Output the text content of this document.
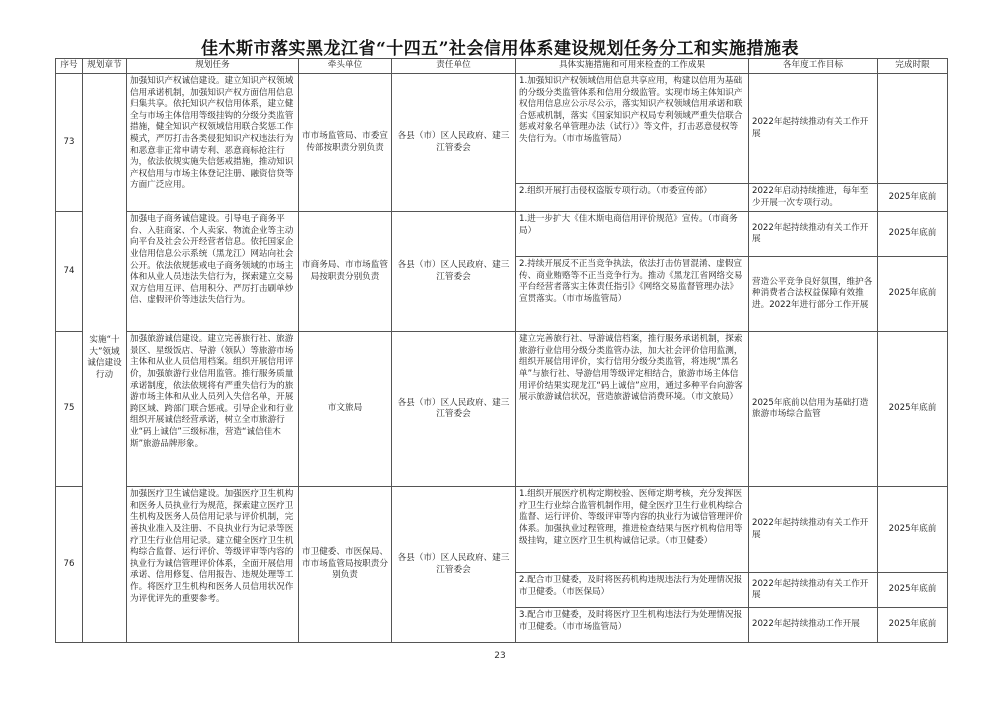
佳木斯市落实黑龙江省“十四五”社会信用体系建设规划任务分工和实施措施表
序号	规划章节	规划任务	牵头单位	责任单位	具体实施措施和可用来检查的工作成果	各年度工作目标	完成时限
73	实施“十大”领域诚信建设行动	加强知识产权诚信建设。建立知识产权领域信用承诺机制，加强知识产权方面信用信息归集共享。依托知识产权信用体系，建立健全与市场主体信用等级挂钩的分级分类监管措施，健全知识产权领域信用联合奖惩工作模式，严厉打击各类侵犯知识产权违法行为和恶意非正常申请专利、恶意商标抢注行为，依法依规实施失信惩戒措施，推动知识产权信用与市场主体登记注册、融资信贷等方面广泛应用。	市市场监管局、市委宣传部按职责分别负责	各县（市）区人民政府、建三江管委会	1.加强知识产权领域信用信息共享应用，构建以信用为基础的分级分类监管体系和信用分级监管。实现市场主体知识产权信用信息应公示尽公示，落实知识产权领域信用承诺和联合惩戒机制，落实《国家知识产权局专利领域严重失信联合惩戒对象名单管理办法（试行）》等文件，打击恶意侵权等失信行为。（市市场监管局）	2022年起持续推动有关工作开展	
					2.组织开展打击侵权盗版专项行动。（市委宣传部）	2022年启动持续推进，每年至少开展一次专项行动。	2025年底前
74		加强电子商务诚信建设。引导电子商务平台、入驻商家、个人卖家、物流企业等主动向平台及社会公开经营者信息。依托国家企业信用信息公示系统（黑龙江）网站向社会公开。依法依规惩戒电子商务领域的市场主体和从业人员违法失信行为，探索建立交易双方信用互评、信用积分、严厉打击刷单炒信、虚假评价等违法失信行为。	市商务局、市市场监管局按职责分别负责	各县（市）区人民政府、建三江管委会	1.进一步扩大《佳木斯电商信用评价规范》宣传。（市商务局）	2022年起持续推动有关工作开展	2025年底前
					2.持续开展反不正当竞争执法，依法打击仿冒混淆、虚假宣传、商业贿赂等不正当竞争行为。推动《黑龙江省网络交易平台经营者落实主体责任指引》《网络交易监督管理办法》宣贯落实。（市市场监管局）	营造公平竞争良好氛围，维护各种消费者合法权益保障有效推进。2022年进行部分工作开展	2025年底前
75		加强旅游诚信建设。建立完善旅行社、旅游景区、星级饭店、导游（领队）等旅游市场主体和从业人员信用档案。组织开展信用评价，加强旅游行业信用监管。推行服务质量承诺制度，依法依规将有严重失信行为的旅游市场主体和从业人员列入失信名单，开展跨区域、跨部门联合惩戒。引导企业和行业组织开展诚信经营承诺，树立全市旅游行业“码上诚信”三级标准，营造“诚信佳木斯”旅游品牌形象。	市文旅局	各县（市）区人民政府、建三江管委会	建立完善旅行社、导游诚信档案，推行服务承诺机制，探索旅游行业信用分级分类监管办法，加大社会评价信用监测，组织开展信用评价，实行信用分级分类监管，将违规“黑名单”与旅行社、导游信用等级评定相结合，旅游市场主体信用评价结果实现龙江“码上诚信”应用，通过多种平台向游客展示旅游诚信状况，营造旅游诚信消费环境。（市文旅局）	2025年底前以信用为基础打造旅游市场综合监管	2025年底前
76		加强医疗卫生诚信建设。加强医疗卫生机构和医务人员执业行为规范，探索建立医疗卫生机构及医务人员信用记录与评价机制，完善执业准入及注册、不良执业行为记录等医疗卫生行业信用记录。建立健全医疗卫生机构综合监督、运行评价、等级评审等内容的执业行为诚信管理评价体系，全面开展信用承诺、信用修复、信用报告、违规处理等工作。将医疗卫生机构和医务人员信用状况作为评优评先的重要参考。	市卫健委、市医保局、市市场监管局按职责分别负责	各县（市）区人民政府、建三江管委会	1.组织开展医疗机构定期校验、医师定期考核，充分发挥医疗卫生行业综合监管机制作用，健全医疗卫生行业机构综合监督、运行评价、等级评审等内容的执业行为诚信管理评价体系。加强执业过程管理，推进检查结果与医疗机构信用等级挂钩，建立医疗卫生机构诚信记录。（市卫健委）	2022年起持续推动有关工作开展	2025年底前
					2.配合市卫健委，及时将医药机构违规违法行为处理情况报市卫健委。（市医保局）	2022年起持续推动有关工作开展	2025年底前
					3.配合市卫健委，及时将医疗卫生机构违法行为处理情况报市卫健委。（市市场监管局）	2022年起持续推动工作开展	2025年底前
23
